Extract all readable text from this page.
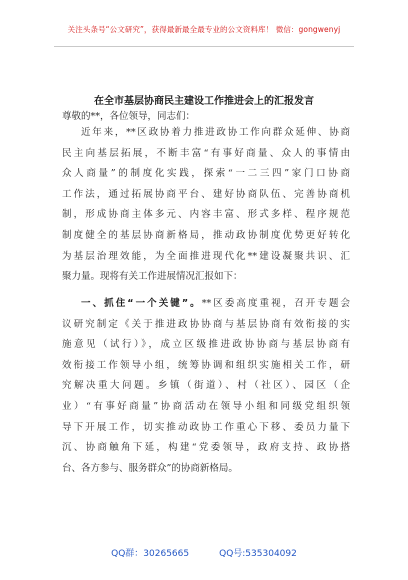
关注头条号“公文研究”，获得最新最全最专业的公文资料库！ 微信：gongwenyj
在全市基层协商民主建设工作推进会上的汇报发言
尊敬的**，各位领导，同志们：
近年来，**区政协着力推进政协工作向群众延伸、协商
民主向基层拓展，不断丰富“有事好商量、众人的事情由
众人商量”的制度化实践，探索“一二三四”家门口协商
工作法，通过拓展协商平台、建好协商队伍、完善协商机
制，形成协商主体多元、内容丰富、形式多样、程序规范
制度健全的基层协商新格局，推动政协制度优势更好转化
为基层治理效能，为全面推进现代化**建设凝聚共识、汇
聚力量。现将有关工作进展情况汇报如下：
一、抓住“一个关键”。**区委高度重视，召开专题会
议研究制定《关于推进政协协商与基层协商有效衔接的实
施意见（试行）》，成立区级推进政协协商与基层协商有
效衔接工作领导小组，统筹协调和组织实施相关工作，研
究解决重大问题。乡镇（街道）、村（社区）、园区（企
业）“有事好商量”协商活动在领导小组和同级党组织领
导下开展工作，切实推动政协工作重心下移、委员力量下
沉、协商触角下延，构建“党委领导，政府支持、政协搭
台、各方参与、服务群众”的协商新格局。
QQ群：30265665	QQ号:535304092
